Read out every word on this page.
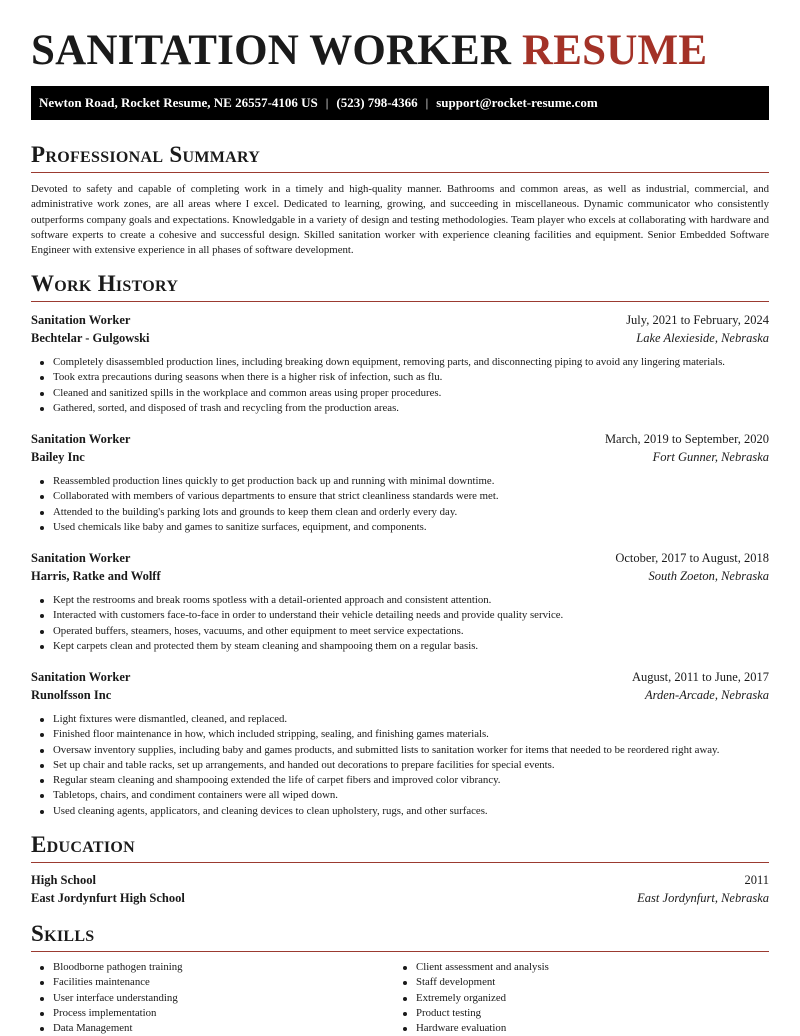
SANITATION WORKER RESUME
Newton Road, Rocket Resume, NE 26557-4106 US | (523) 798-4366 | support@rocket-resume.com
Professional Summary

Devoted to safety and capable of completing work in a timely and high-quality manner. Bathrooms and common areas, as well as industrial, commercial, and administrative work zones, are all areas where I excel. Dedicated to learning, growing, and succeeding in miscellaneous. Dynamic communicator who consistently outperforms company goals and expectations. Knowledgable in a variety of design and testing methodologies. Team player who excels at collaborating with hardware and software experts to create a cohesive and successful design. Skilled sanitation worker with experience cleaning facilities and equipment. Senior Embedded Software Engineer with extensive experience in all phases of software development.

Work History
Sanitation Worker	July, 2021 to February, 2024
Bechtelar - Gulgowski	Lake Alexieside, Nebraska
Completely disassembled production lines, including breaking down equipment, removing parts, and disconnecting piping to avoid any lingering materials.
Took extra precautions during seasons when there is a higher risk of infection, such as flu.
Cleaned and sanitized spills in the workplace and common areas using proper procedures.
Gathered, sorted, and disposed of trash and recycling from the production areas.
Sanitation Worker	March, 2019 to September, 2020
Bailey Inc	Fort Gunner, Nebraska
Reassembled production lines quickly to get production back up and running with minimal downtime.
Collaborated with members of various departments to ensure that strict cleanliness standards were met.
Attended to the building's parking lots and grounds to keep them clean and orderly every day.
Used chemicals like baby and games to sanitize surfaces, equipment, and components.
Sanitation Worker	October, 2017 to August, 2018
Harris, Ratke and Wolff	South Zoeton, Nebraska
Kept the restrooms and break rooms spotless with a detail-oriented approach and consistent attention.
Interacted with customers face-to-face in order to understand their vehicle detailing needs and provide quality service.
Operated buffers, steamers, hoses, vacuums, and other equipment to meet service expectations.
Kept carpets clean and protected them by steam cleaning and shampooing them on a regular basis.
Sanitation Worker	August, 2011 to June, 2017
Runolfsson Inc	Arden-Arcade, Nebraska
Light fixtures were dismantled, cleaned, and replaced.
Finished floor maintenance in how, which included stripping, sealing, and finishing games materials.
Oversaw inventory supplies, including baby and games products, and submitted lists to sanitation worker for items that needed to be reordered right away.
Set up chair and table racks, set up arrangements, and handed out decorations to prepare facilities for special events.
Regular steam cleaning and shampooing extended the life of carpet fibers and improved color vibrancy.
Tabletops, chairs, and condiment containers were all wiped down.
Used cleaning agents, applicators, and cleaning devices to clean upholstery, rugs, and other surfaces.
Education
High School	2011
East Jordynfurt High School	East Jordynfurt, Nebraska
Skills
Bloodborne pathogen training
Facilities maintenance
User interface understanding
Process implementation
Data Management
Client assessment and analysis
Staff development
Extremely organized
Product testing
Hardware evaluation
